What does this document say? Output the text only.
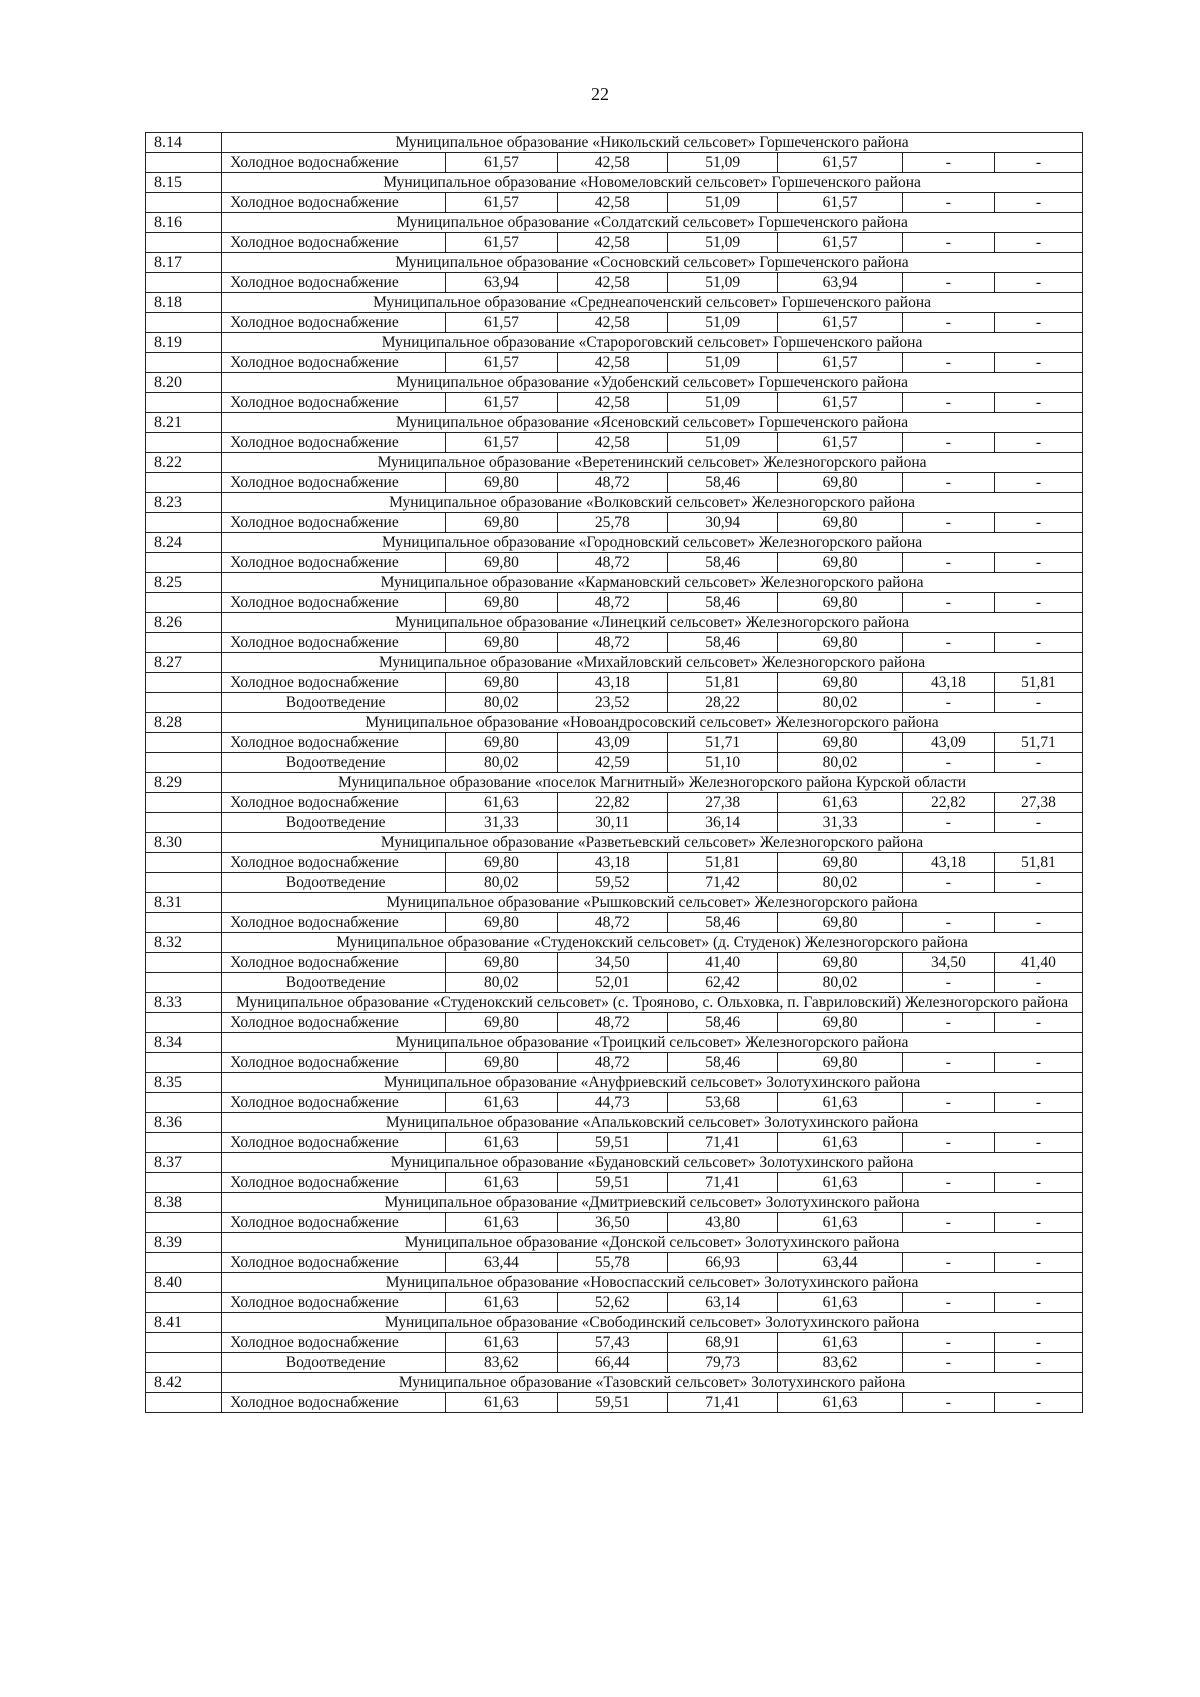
22
8.14	Муниципальное образование «Никольский сельсовет» Горшеченского района						
	Холодное водоснабжение	61,57	42,58	51,09	61,57	-	-
8.15	Муниципальное образование «Новомеловский сельсовет» Горшеченского района						
	Холодное водоснабжение	61,57	42,58	51,09	61,57	-	-
8.16	Муниципальное образование «Солдатский сельсовет» Горшеченского района						
	Холодное водоснабжение	61,57	42,58	51,09	61,57	-	-
8.17	Муниципальное образование «Сосновский сельсовет» Горшеченского района						
	Холодное водоснабжение	63,94	42,58	51,09	63,94	-	-
8.18	Муниципальное образование «Среднеапоченский сельсовет» Горшеченского района						
	Холодное водоснабжение	61,57	42,58	51,09	61,57	-	-
8.19	Муниципальное образование «Старороговский сельсовет» Горшеченского района						
	Холодное водоснабжение	61,57	42,58	51,09	61,57	-	-
8.20	Муниципальное образование «Удобенский сельсовет» Горшеченского района						
	Холодное водоснабжение	61,57	42,58	51,09	61,57	-	-
8.21	Муниципальное образование «Ясеновский сельсовет» Горшеченского района						
	Холодное водоснабжение	61,57	42,58	51,09	61,57	-	-
8.22	Муниципальное образование «Веретенинский сельсовет» Железногорского района						
	Холодное водоснабжение	69,80	48,72	58,46	69,80	-	-
8.23	Муниципальное образование «Волковский сельсовет» Железногорского района						
	Холодное водоснабжение	69,80	25,78	30,94	69,80	-	-
8.24	Муниципальное образование «Городновский сельсовет» Железногорского района						
	Холодное водоснабжение	69,80	48,72	58,46	69,80	-	-
8.25	Муниципальное образование «Кармановский сельсовет» Железногорского района						
	Холодное водоснабжение	69,80	48,72	58,46	69,80	-	-
8.26	Муниципальное образование «Линецкий сельсовет» Железногорского района						
	Холодное водоснабжение	69,80	48,72	58,46	69,80	-	-
8.27	Муниципальное образование «Михайловский сельсовет» Железногорского района						
	Холодное водоснабжение	69,80	43,18	51,81	69,80	43,18	51,81
	Водоотведение	80,02	23,52	28,22	80,02	-	-
8.28	Муниципальное образование «Новоандросовский сельсовет» Железногорского района						
	Холодное водоснабжение	69,80	43,09	51,71	69,80	43,09	51,71
	Водоотведение	80,02	42,59	51,10	80,02	-	-
8.29	Муниципальное образование «поселок Магнитный» Железногорского района Курской области						
	Холодное водоснабжение	61,63	22,82	27,38	61,63	22,82	27,38
	Водоотведение	31,33	30,11	36,14	31,33	-	-
8.30	Муниципальное образование «Разветьевский сельсовет» Железногорского района						
	Холодное водоснабжение	69,80	43,18	51,81	69,80	43,18	51,81
	Водоотведение	80,02	59,52	71,42	80,02	-	-
8.31	Муниципальное образование «Рышковский сельсовет» Железногорского района						
	Холодное водоснабжение	69,80	48,72	58,46	69,80	-	-
8.32	Муниципальное образование «Студенокский сельсовет» (д. Студенок) Железногорского района						
	Холодное водоснабжение	69,80	34,50	41,40	69,80	34,50	41,40
	Водоотведение	80,02	52,01	62,42	80,02	-	-
8.33	Муниципальное образование «Студенокский сельсовет» (с. Трояново, с. Ольховка, п. Гавриловский) Железногорского района						
	Холодное водоснабжение	69,80	48,72	58,46	69,80	-	-
8.34	Муниципальное образование «Троицкий сельсовет» Железногорского района						
	Холодное водоснабжение	69,80	48,72	58,46	69,80	-	-
8.35	Муниципальное образование «Ануфриевский сельсовет» Золотухинского района						
	Холодное водоснабжение	61,63	44,73	53,68	61,63	-	-
8.36	Муниципальное образование «Апальковский сельсовет» Золотухинского района						
	Холодное водоснабжение	61,63	59,51	71,41	61,63	-	-
8.37	Муниципальное образование «Будановский сельсовет» Золотухинского района						
	Холодное водоснабжение	61,63	59,51	71,41	61,63	-	-
8.38	Муниципальное образование «Дмитриевский сельсовет» Золотухинского района						
	Холодное водоснабжение	61,63	36,50	43,80	61,63	-	-
8.39	Муниципальное образование «Донской сельсовет» Золотухинского района						
	Холодное водоснабжение	63,44	55,78	66,93	63,44	-	-
8.40	Муниципальное образование «Новоспасский сельсовет» Золотухинского района						
	Холодное водоснабжение	61,63	52,62	63,14	61,63	-	-
8.41	Муниципальное образование «Свободинский сельсовет» Золотухинского района						
	Холодное водоснабжение	61,63	57,43	68,91	61,63	-	-
	Водоотведение	83,62	66,44	79,73	83,62	-	-
8.42	Муниципальное образование «Тазовский сельсовет» Золотухинского района						
	Холодное водоснабжение	61,63	59,51	71,41	61,63	-	-
